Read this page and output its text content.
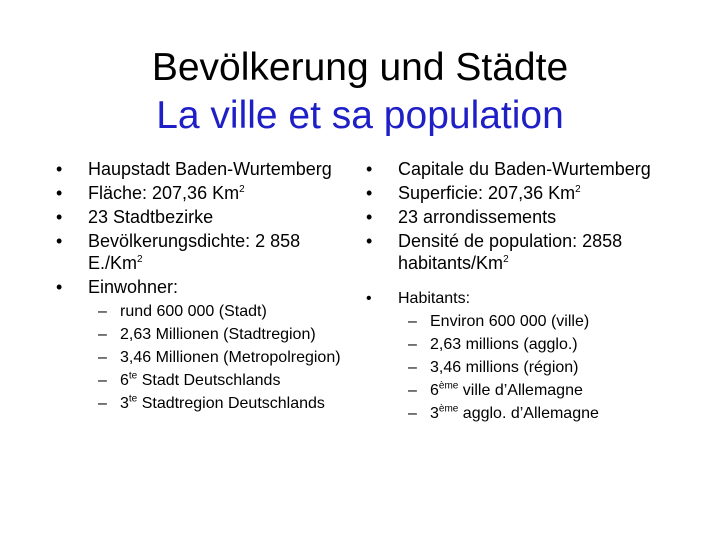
Bevölkerung und Städte
La ville et sa population
•	Haupstadt Baden-Wurtemberg
•	Fläche: 207,36 Km$^2$
•	23 Stadtbezirke
•	Bevölkerungsdichte: 2 858 E./Km$^2$
•	Einwohner:
– rund 600 000 (Stadt)
– 2,63 Millionen (Stadtregion)
– 3,46 Millionen (Metropolregion)
– $6^{te}$ Stadt Deutschlands
– $3^{te}$ Stadtregion Deutschlands
•	Capitale du Baden-Wurtemberg
•	Superficie: 207,36 Km$^2$
•	23 arrondissements
•	Densité de population: 2858 habitants/Km$^2$
•	Habitants:
– Environ 600 000 (ville)
– 2,63 millions (agglo.)
– 3,46 millions (région)
– 6ème ville d’Allemagne
– 3ème agglo. d’Allemagne
